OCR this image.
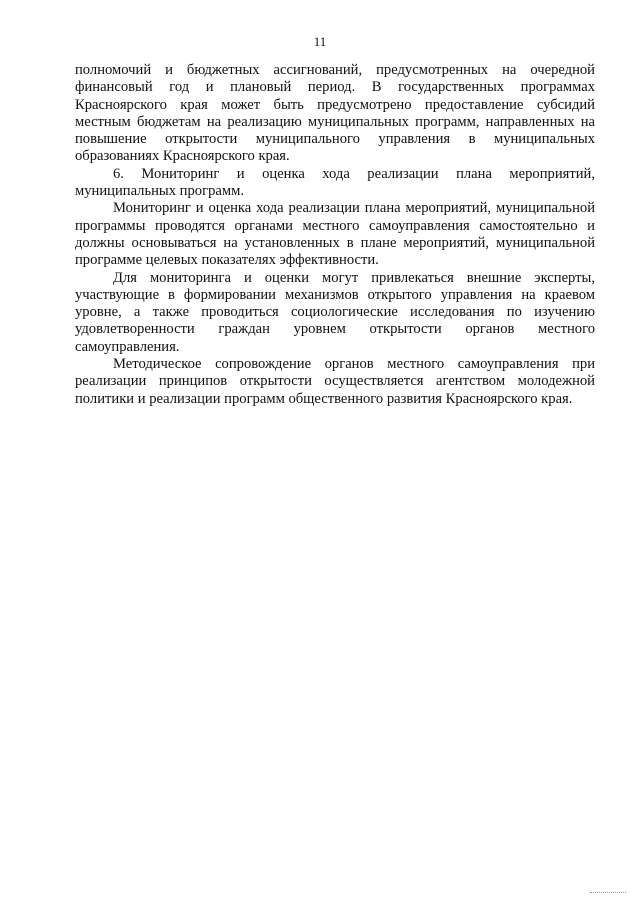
11

полномочий и бюджетных ассигнований, предусмотренных на очередной финансовый год и плановый период. В государственных программах Красноярского края может быть предусмотрено предоставление субсидий местным бюджетам на реализацию муниципальных программ, направленных на повышение открытости муниципального управления в муниципальных образованиях Красноярского края.

6. Мониторинг и оценка хода реализации плана мероприятий, муниципальных программ.

Мониторинг и оценка хода реализации плана мероприятий, муниципальной программы проводятся органами местного самоуправления самостоятельно и должны основываться на установленных в плане мероприятий, муниципальной программе целевых показателях эффективности.

Для мониторинга и оценки могут привлекаться внешние эксперты, участвующие в формировании механизмов открытого управления на краевом уровне, а также проводиться социологические исследования по изучению удовлетворенности граждан уровнем открытости органов местного самоуправления.

Методическое сопровождение органов местного самоуправления при реализации принципов открытости осуществляется агентством молодежной политики и реализации программ общественного развития Красноярского края.
